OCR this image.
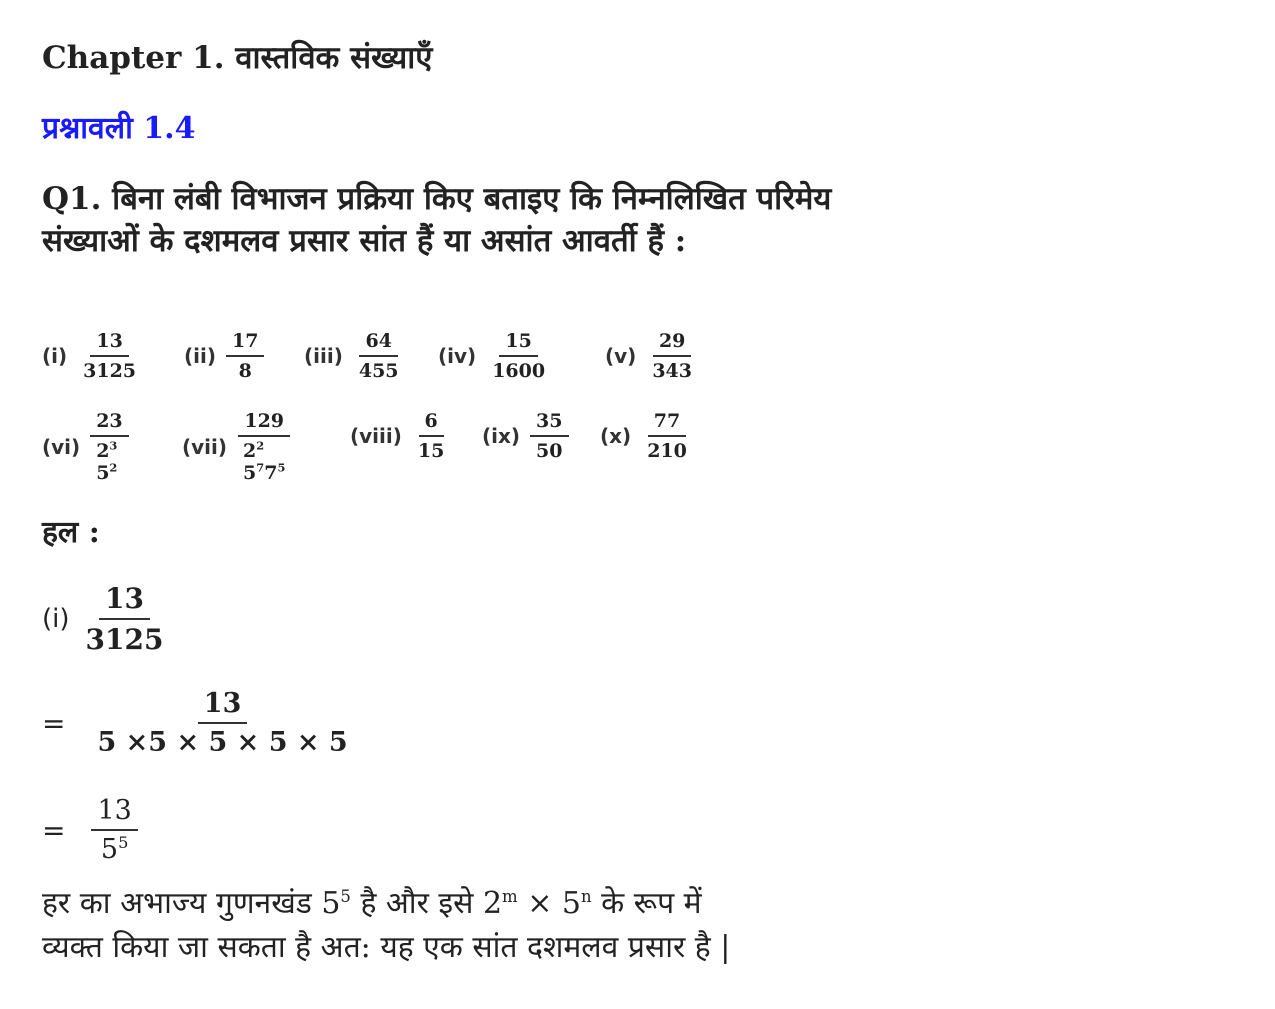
Chapter 1. वास्तविक संख्याएँ
प्रश्नावली 1.4
Q1. बिना लंबी विभाजन प्रक्रिया किए बताइए कि निम्नलिखित परिमेय संख्याओं के दशमलव प्रसार सांत हैं या असांत आवर्ती हैं :
$(i) \frac{13}{3125} (ii) \frac{17}{8} (iii) \frac{64}{455} (iv) \frac{15}{1600}$	$(v) \frac{29}{343}$
$(vi) \frac{23}{2^3 5^2}$	$(vii) \frac{129}{2^2 5^77^5}$	(viii) $\frac{6}{15} (ix) \frac{35}{50} (x) \frac{77}{210}$
हल :
$(i) \frac{13}{3125}$
= $\frac{13}{5 \times 5 \times 5 \times 5 \times 5}$
= $\frac{13}{5^5}$
हर का अभाज्य गुणनखंड $5^5$ है और इसे $2^m \times 5^n$ के रूप में
व्यक्त किया जा सकता है अत: यह एक सांत दशमलव प्रसार है |
